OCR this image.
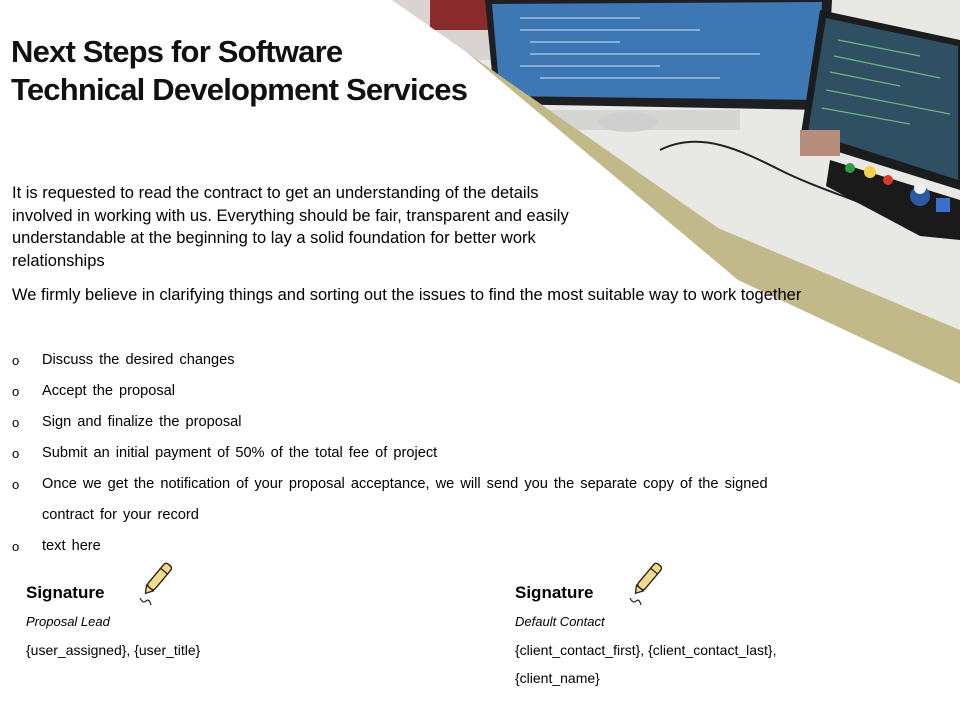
Next Steps for Software
Technical Development Services
It is requested to read the contract to get an understanding of the details involved in working with us. Everything should be fair, transparent and easily understandable at the beginning to lay a solid foundation for better work relationships
We firmly believe in clarifying things and sorting out the issues to find the most suitable way to work together
o Discuss the desired changes
o Accept the proposal
o Sign and finalize the proposal
o Submit an initial payment of 50% of the total fee of project
o Once we get the notification of your proposal acceptance, we will send you the separate copy of the signed contract for your record
o text here
Signature
Proposal Lead
{user_assigned}, {user_title}
Signature
Default Contact
{client_contact_first}, {client_contact_last}, {client_name}
